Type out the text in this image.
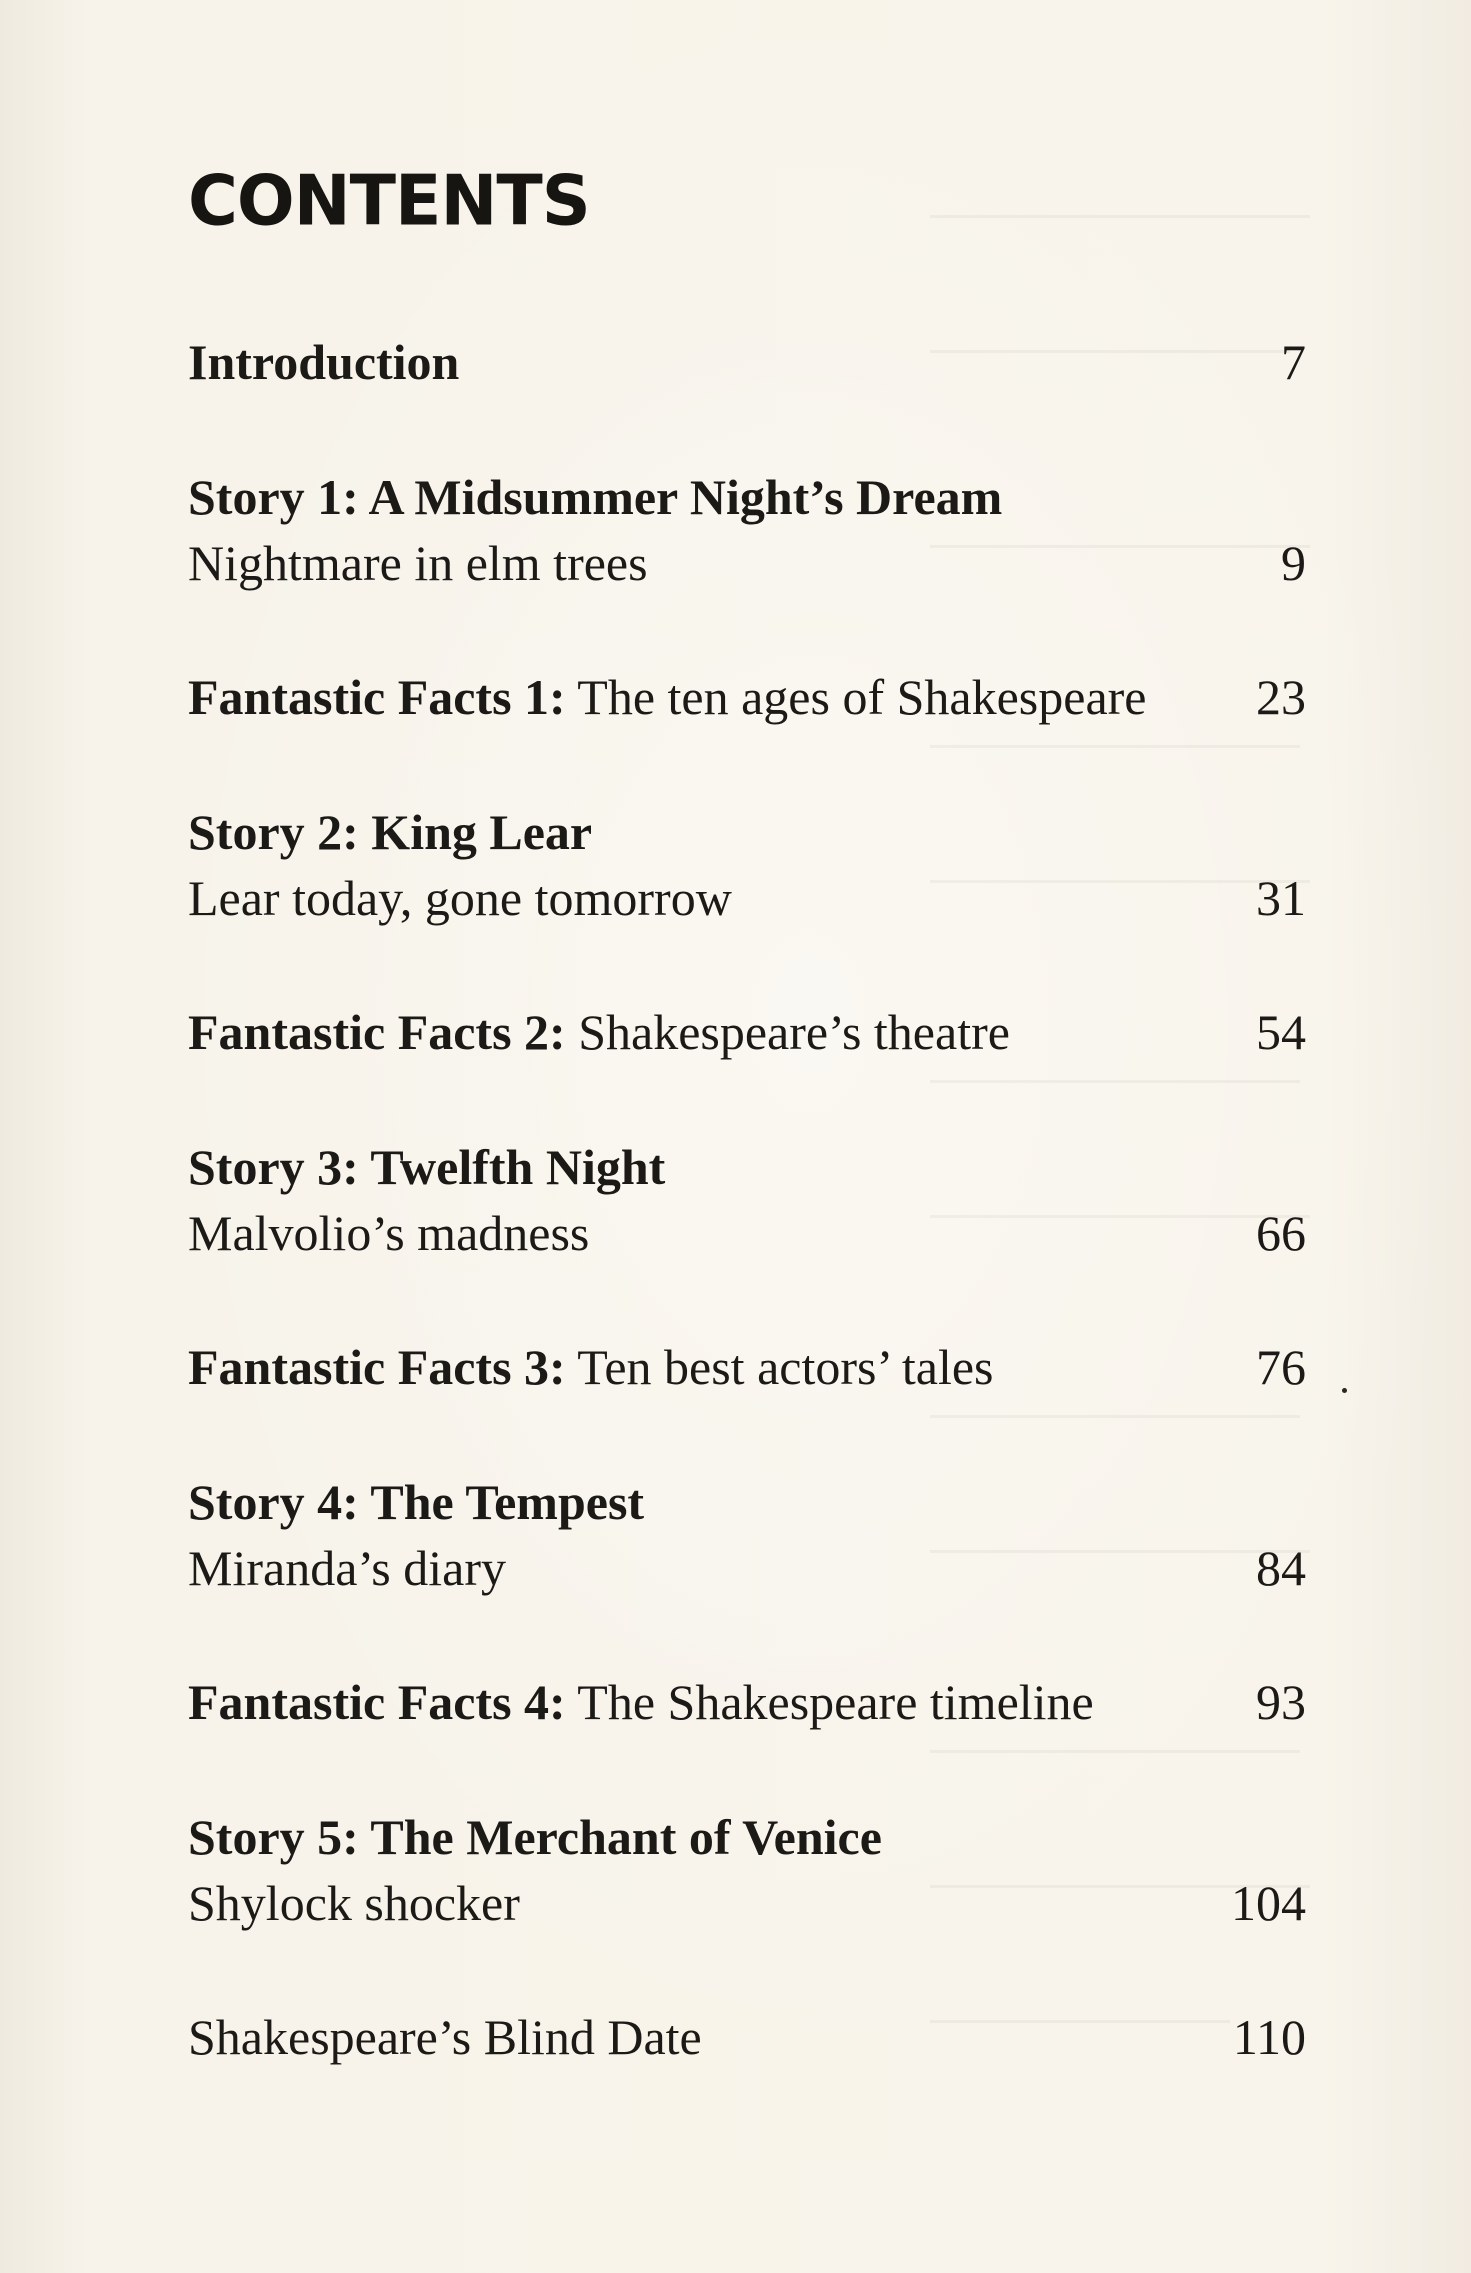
CONTENTS
Introduction	7
Story 1: A Midsummer Night’s Dream
Nightmare in elm trees	9
Fantastic Facts 1: The ten ages of Shakespeare 23
Story 2: King Lear
Lear today, gone tomorrow	31
Fantastic Facts 2: Shakespeare’s theatre	54
Story 3: Twelfth Night
Malvolio’s madness	66
Fantastic Facts 3: Ten best actors’ tales	76
Story 4: The Tempest
Miranda’s diary	84
Fantastic Facts 4: The Shakespeare timeline	93
Story 5: The Merchant of Venice
Shylock shocker	104
Shakespeare’s Blind Date	110
